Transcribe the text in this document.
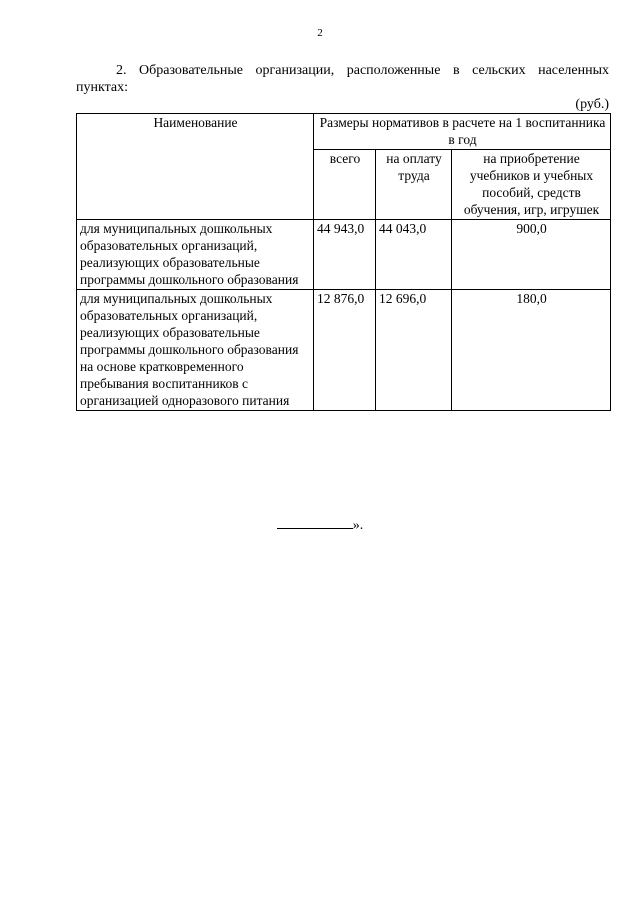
2

2. Образовательные организации, расположенные в сельских населенных пунктах:

(руб.)
Наименование	Размеры нормативов в расчете на 1 воспитанника в год		
	всего	на оплату труда	на приобретение учебников и учебных пособий, средств обучения, игр, игрушек
для муниципальных дошкольных образовательных организаций, реализующих образовательные программы дошкольного образования	44 943,0	44 043,0	900,0
для муниципальных дошкольных образовательных организаций, реализующих образовательные программы дошкольного образования на основе кратковременного пребывания воспитанников с организацией одноразового питания	12 876,0	12 696,0	180,0
».
